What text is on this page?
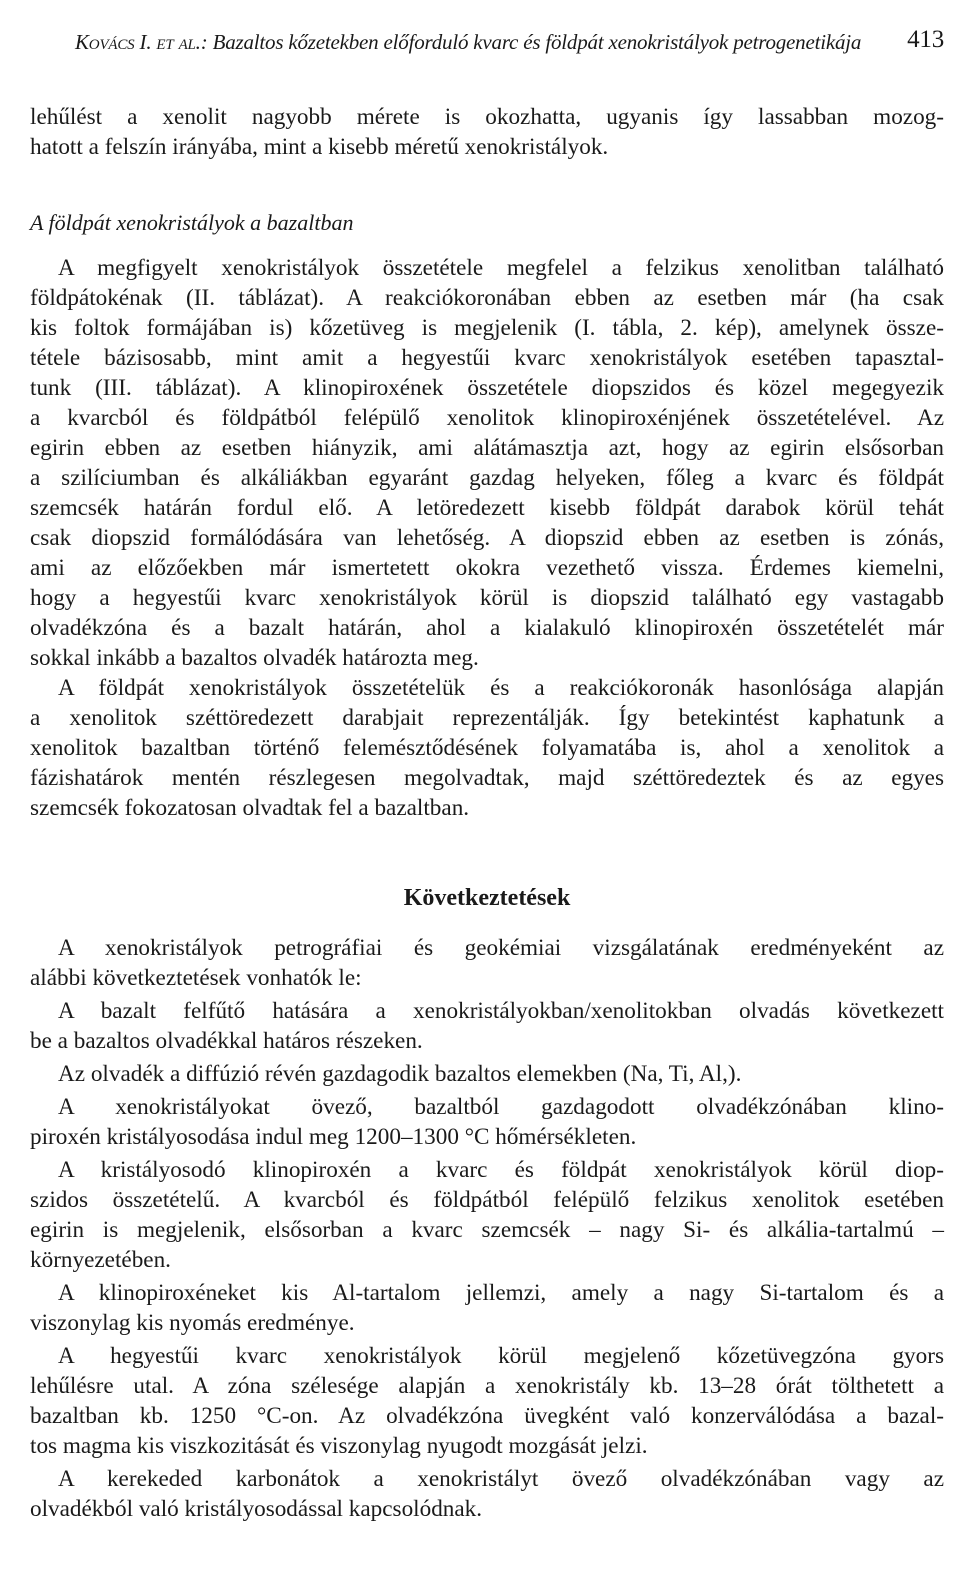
Kovács I. et al.: Bazaltos kőzetekben előforduló kvarc és földpát xenokristályok petrogenetikája 413
lehűlést a xenolit nagyobb mérete is okozhatta, ugyanis így lassabban mozog-
hatott a felszín irányába, mint a kisebb méretű xenokristályok.
A földpát xenokristályok a bazaltban
A megfigyelt xenokristályok összetétele megfelel a felzikus xenolitban található
földpátokénak (II. táblázat). A reakciókoronában ebben az esetben már (ha csak
kis foltok formájában is) kőzetüveg is megjelenik (I. tábla, 2. kép), amelynek össze-
tétele bázisosabb, mint amit a hegyestűi kvarc xenokristályok esetében tapasztal-
tunk (III. táblázat). A klinopiroxének összetétele diopszidos és közel megegyezik
a kvarcból és földpátból felépülő xenolitok klinopiroxénjének összetételével. Az
egirin ebben az esetben hiányzik, ami alátámasztja azt, hogy az egirin elsősorban
a szilíciumban és alkáliákban egyaránt gazdag helyeken, főleg a kvarc és földpát
szemcsék határán fordul elő. A letöredezett kisebb földpát darabok körül tehát
csak diopszid formálódására van lehetőség. A diopszid ebben az esetben is zónás,
ami az előzőekben már ismertetett okokra vezethető vissza. Érdemes kiemelni,
hogy a hegyestűi kvarc xenokristályok körül is diopszid található egy vastagabb
olvadékzóna és a bazalt határán, ahol a kialakuló klinopiroxén összetételét már
sokkal inkább a bazaltos olvadék határozta meg.
A földpát xenokristályok összetételük és a reakciókoronák hasonlósága alapján
a xenolitok széttöredezett darabjait reprezentálják. Így betekintést kaphatunk a
xenolitok bazaltban történő felemésztődésének folyamatába is, ahol a xenolitok a
fázishatárok mentén részlegesen megolvadtak, majd széttöredeztek és az egyes
szemcsék fokozatosan olvadtak fel a bazaltban.
Következtetések
A xenokristályok petrográfiai és geokémiai vizsgálatának eredményeként az
alábbi következtetések vonhatók le:
A bazalt felfűtő hatására a xenokristályokban/xenolitokban olvadás következett
be a bazaltos olvadékkal határos részeken.
Az olvadék a diffúzió révén gazdagodik bazaltos elemekben (Na, Ti, Al,).
A xenokristályokat övező, bazaltból gazdagodott olvadékzónában klino-
piroxén kristályosodása indul meg 1200–1300 °C hőmérsékleten.
A kristályosodó klinopiroxén a kvarc és földpát xenokristályok körül diop-
szidos összetételű. A kvarcból és földpátból felépülő felzikus xenolitok esetében
egirin is megjelenik, elsősorban a kvarc szemcsék – nagy Si- és alkália-tartalmú –
környezetében.
A klinopiroxéneket kis Al-tartalom jellemzi, amely a nagy Si-tartalom és a
viszonylag kis nyomás eredménye.
A hegyestűi kvarc xenokristályok körül megjelenő kőzetüvegzóna gyors
lehűlésre utal. A zóna szélesége alapján a xenokristály kb. 13–28 órát tölthetett a
bazaltban kb. 1250 °C-on. Az olvadékzóna üvegként való konzerválódása a bazal-
tos magma kis viszkozitását és viszonylag nyugodt mozgását jelzi.
A kerekeded karbonátok a xenokristályt övező olvadékzónában vagy az
olvadékból való kristályosodással kapcsolódnak.
